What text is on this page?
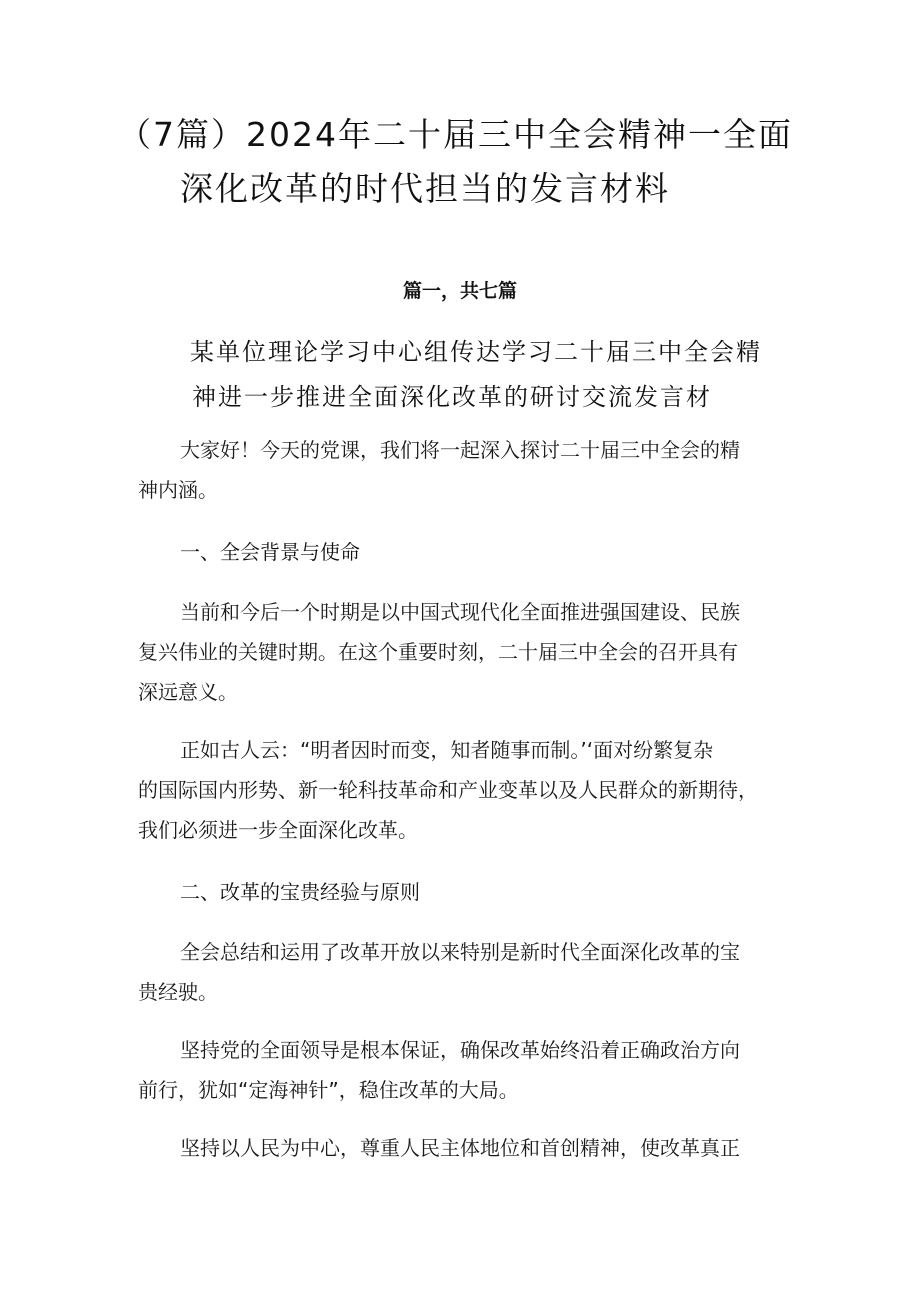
（7篇）2024年二十届三中全会精神一全面
深化改革的时代担当的发言材料
篇一，共七篇
某单位理论学习中心组传达学习二十届三中全会精
神进一步推进全面深化改革的研讨交流发言材

大家好！今天的党课，我们将一起深入探讨二十届三中全会的精
神内涵。

一、全会背景与使命

当前和今后一个时期是以中国式现代化全面推进强国建设、民族
复兴伟业的关键时期。在这个重要时刻，二十届三中全会的召开具有
深远意义。

正如古人云：“明者因时而变，知者随事而制。’‘面对纷繁复杂
的国际国内形势、新一轮科技革命和产业变革以及人民群众的新期待，
我们必须进一步全面深化改革。

二、改革的宝贵经验与原则

全会总结和运用了改革开放以来特别是新时代全面深化改革的宝
贵经驶。

坚持党的全面领导是根本保证，确保改革始终沿着正确政治方向
前行，犹如“定海神针”，稳住改革的大局。

坚持以人民为中心，尊重人民主体地位和首创精神，使改革真正
